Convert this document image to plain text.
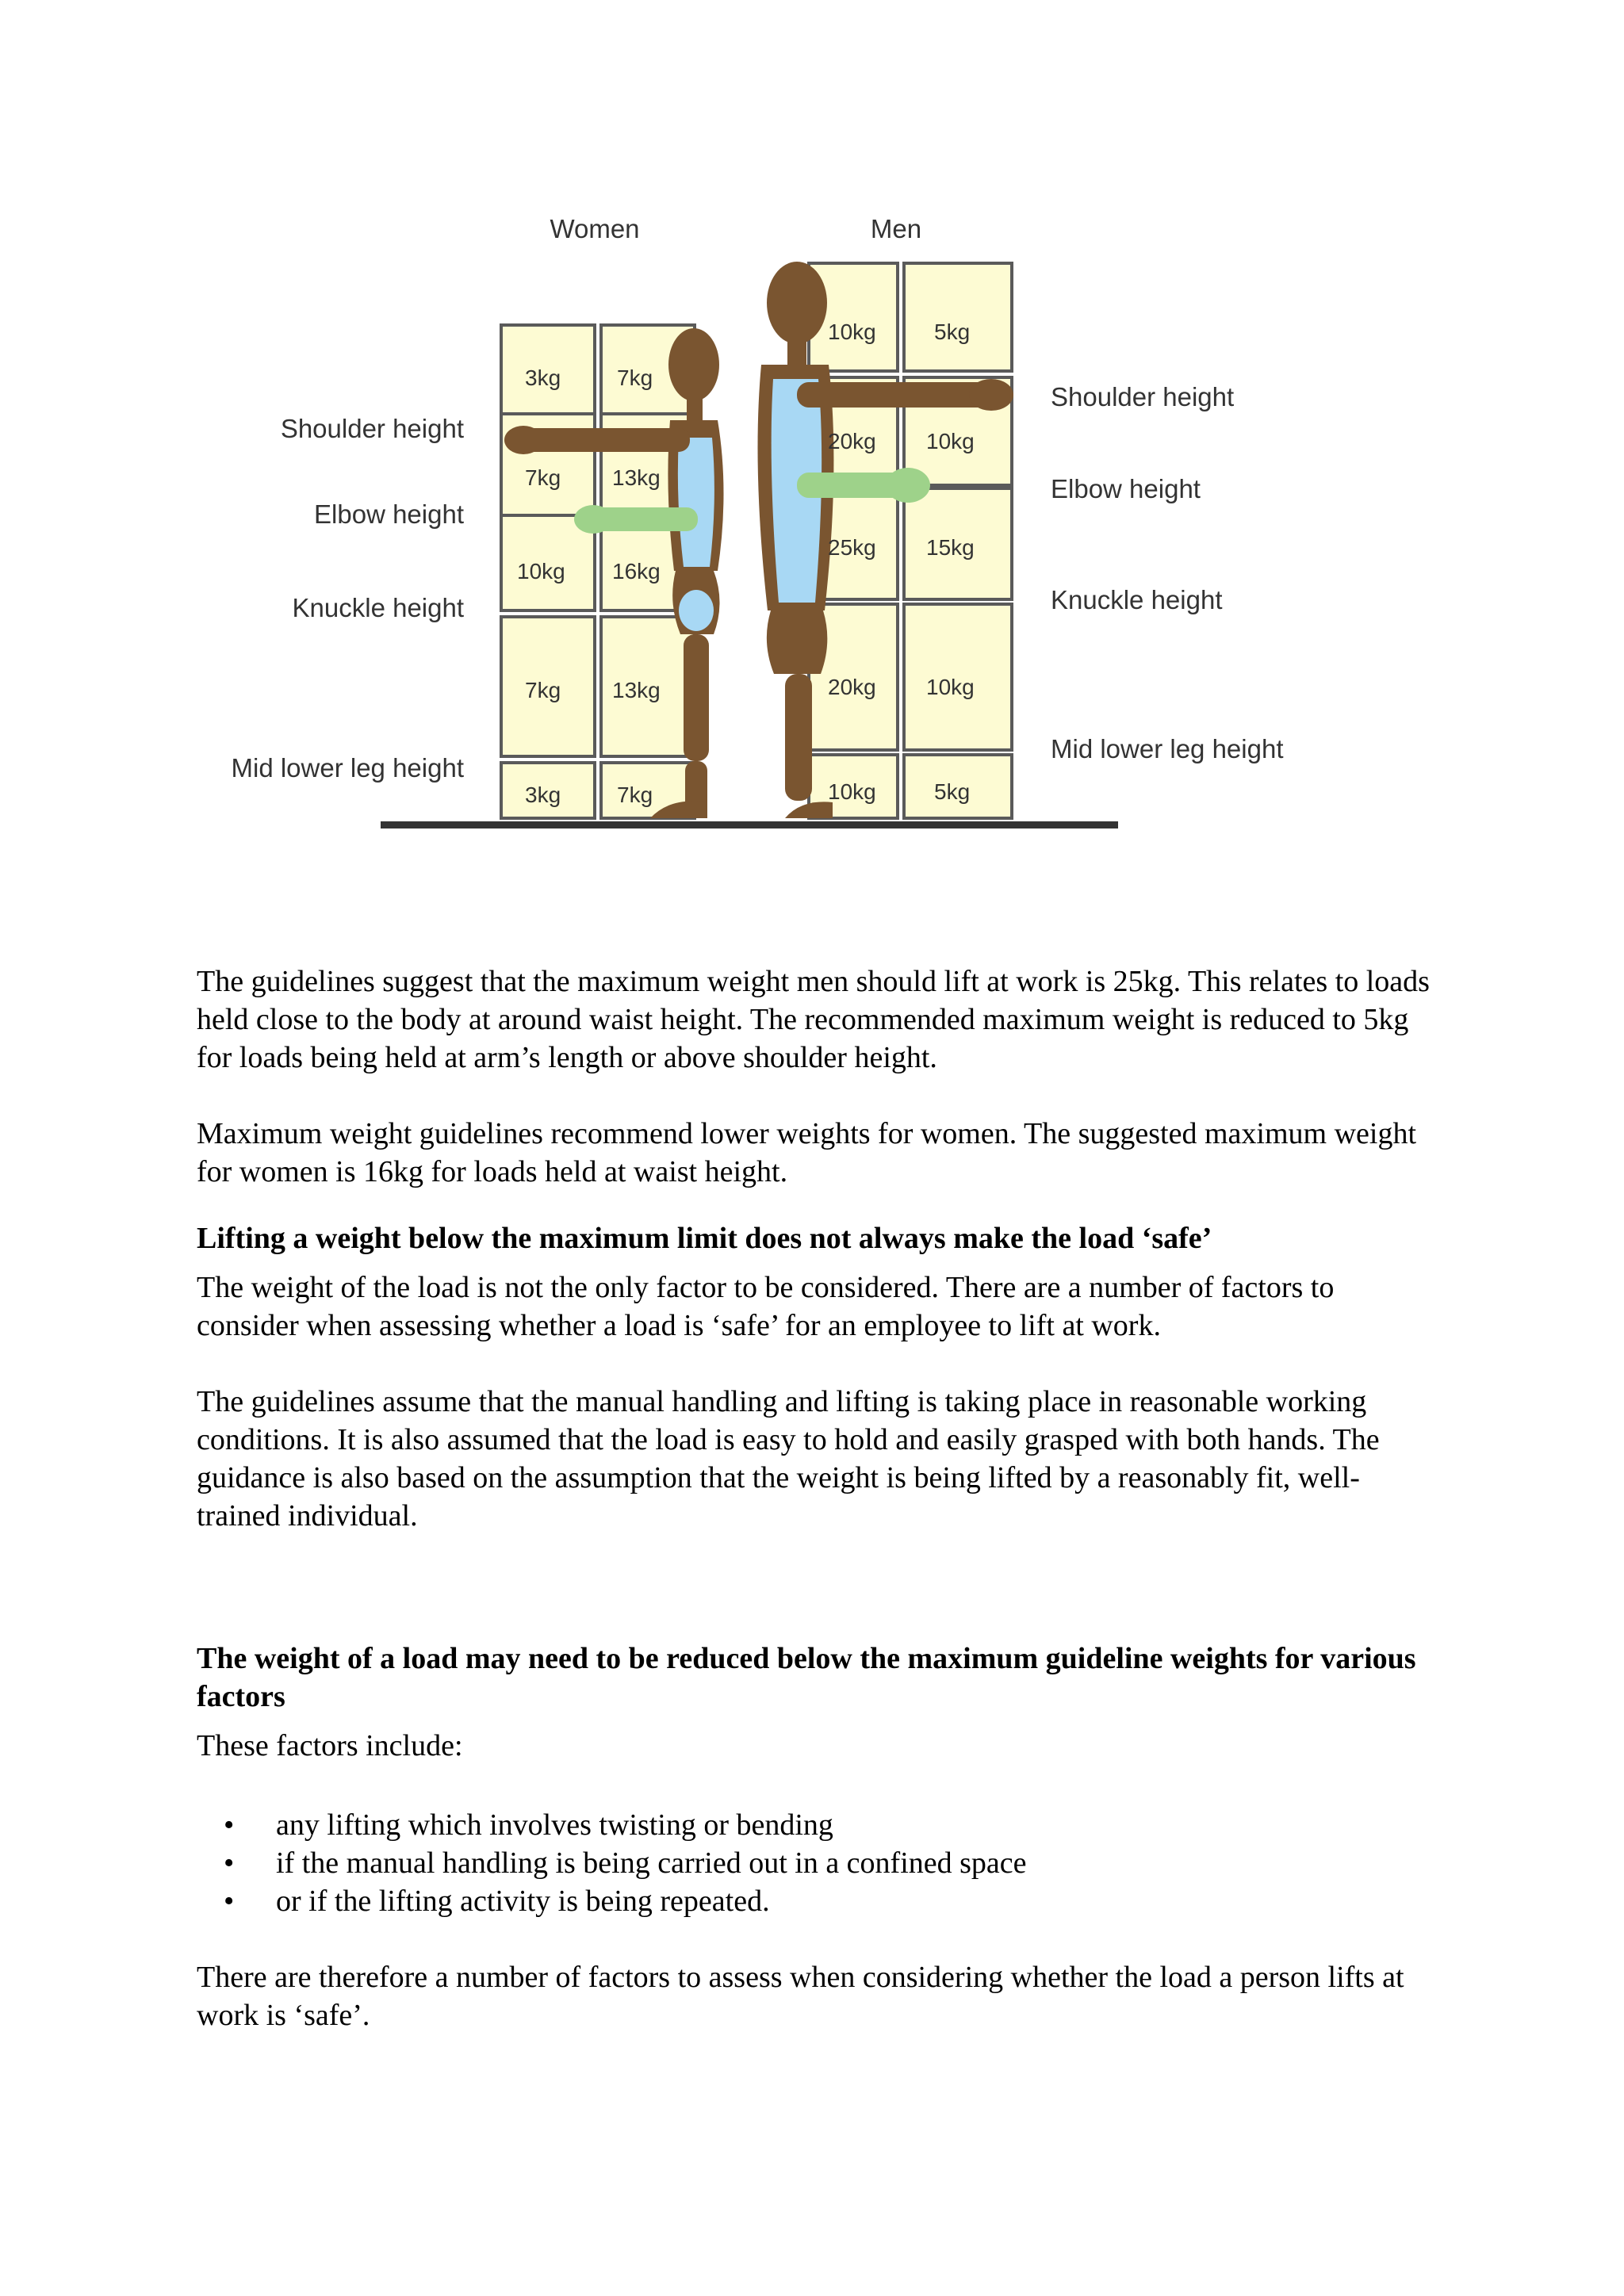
Women	Men
3kg	7kg
7kg 13kg
10kg 16kg
7kg 13kg
3kg	7kg
10kg	5kg
20kg 10kg
25kg 15kg
20kg 10kg
10kg	5kg
Shoulder height
Elbow height
Knuckle height
Mid lower leg height
Shoulder height
Elbow height
Knuckle height
Mid lower leg height

The guidelines suggest that the maximum weight men should lift at work is 25kg. This relates to loads held close to the body at around waist height. The recommended maximum weight is reduced to 5kg for loads being held at arm’s length or above shoulder height.

Maximum weight guidelines recommend lower weights for women. The suggested maximum weight for women is 16kg for loads held at waist height.

Lifting a weight below the maximum limit does not always make the load ‘safe’

The weight of the load is not the only factor to be considered. There are a number of factors to consider when assessing whether a load is ‘safe’ for an employee to lift at work.

The guidelines assume that the manual handling and lifting is taking place in reasonable working conditions. It is also assumed that the load is easy to hold and easily grasped with both hands. The guidance is also based on the assumption that the weight is being lifted by a reasonably fit, well-trained individual.

The weight of a load may need to be reduced below the maximum guideline weights for various factors

These factors include:

• any lifting which involves twisting or bending
• if the manual handling is being carried out in a confined space
• or if the lifting activity is being repeated.

There are therefore a number of factors to assess when considering whether the load a person lifts at work is ‘safe’.
